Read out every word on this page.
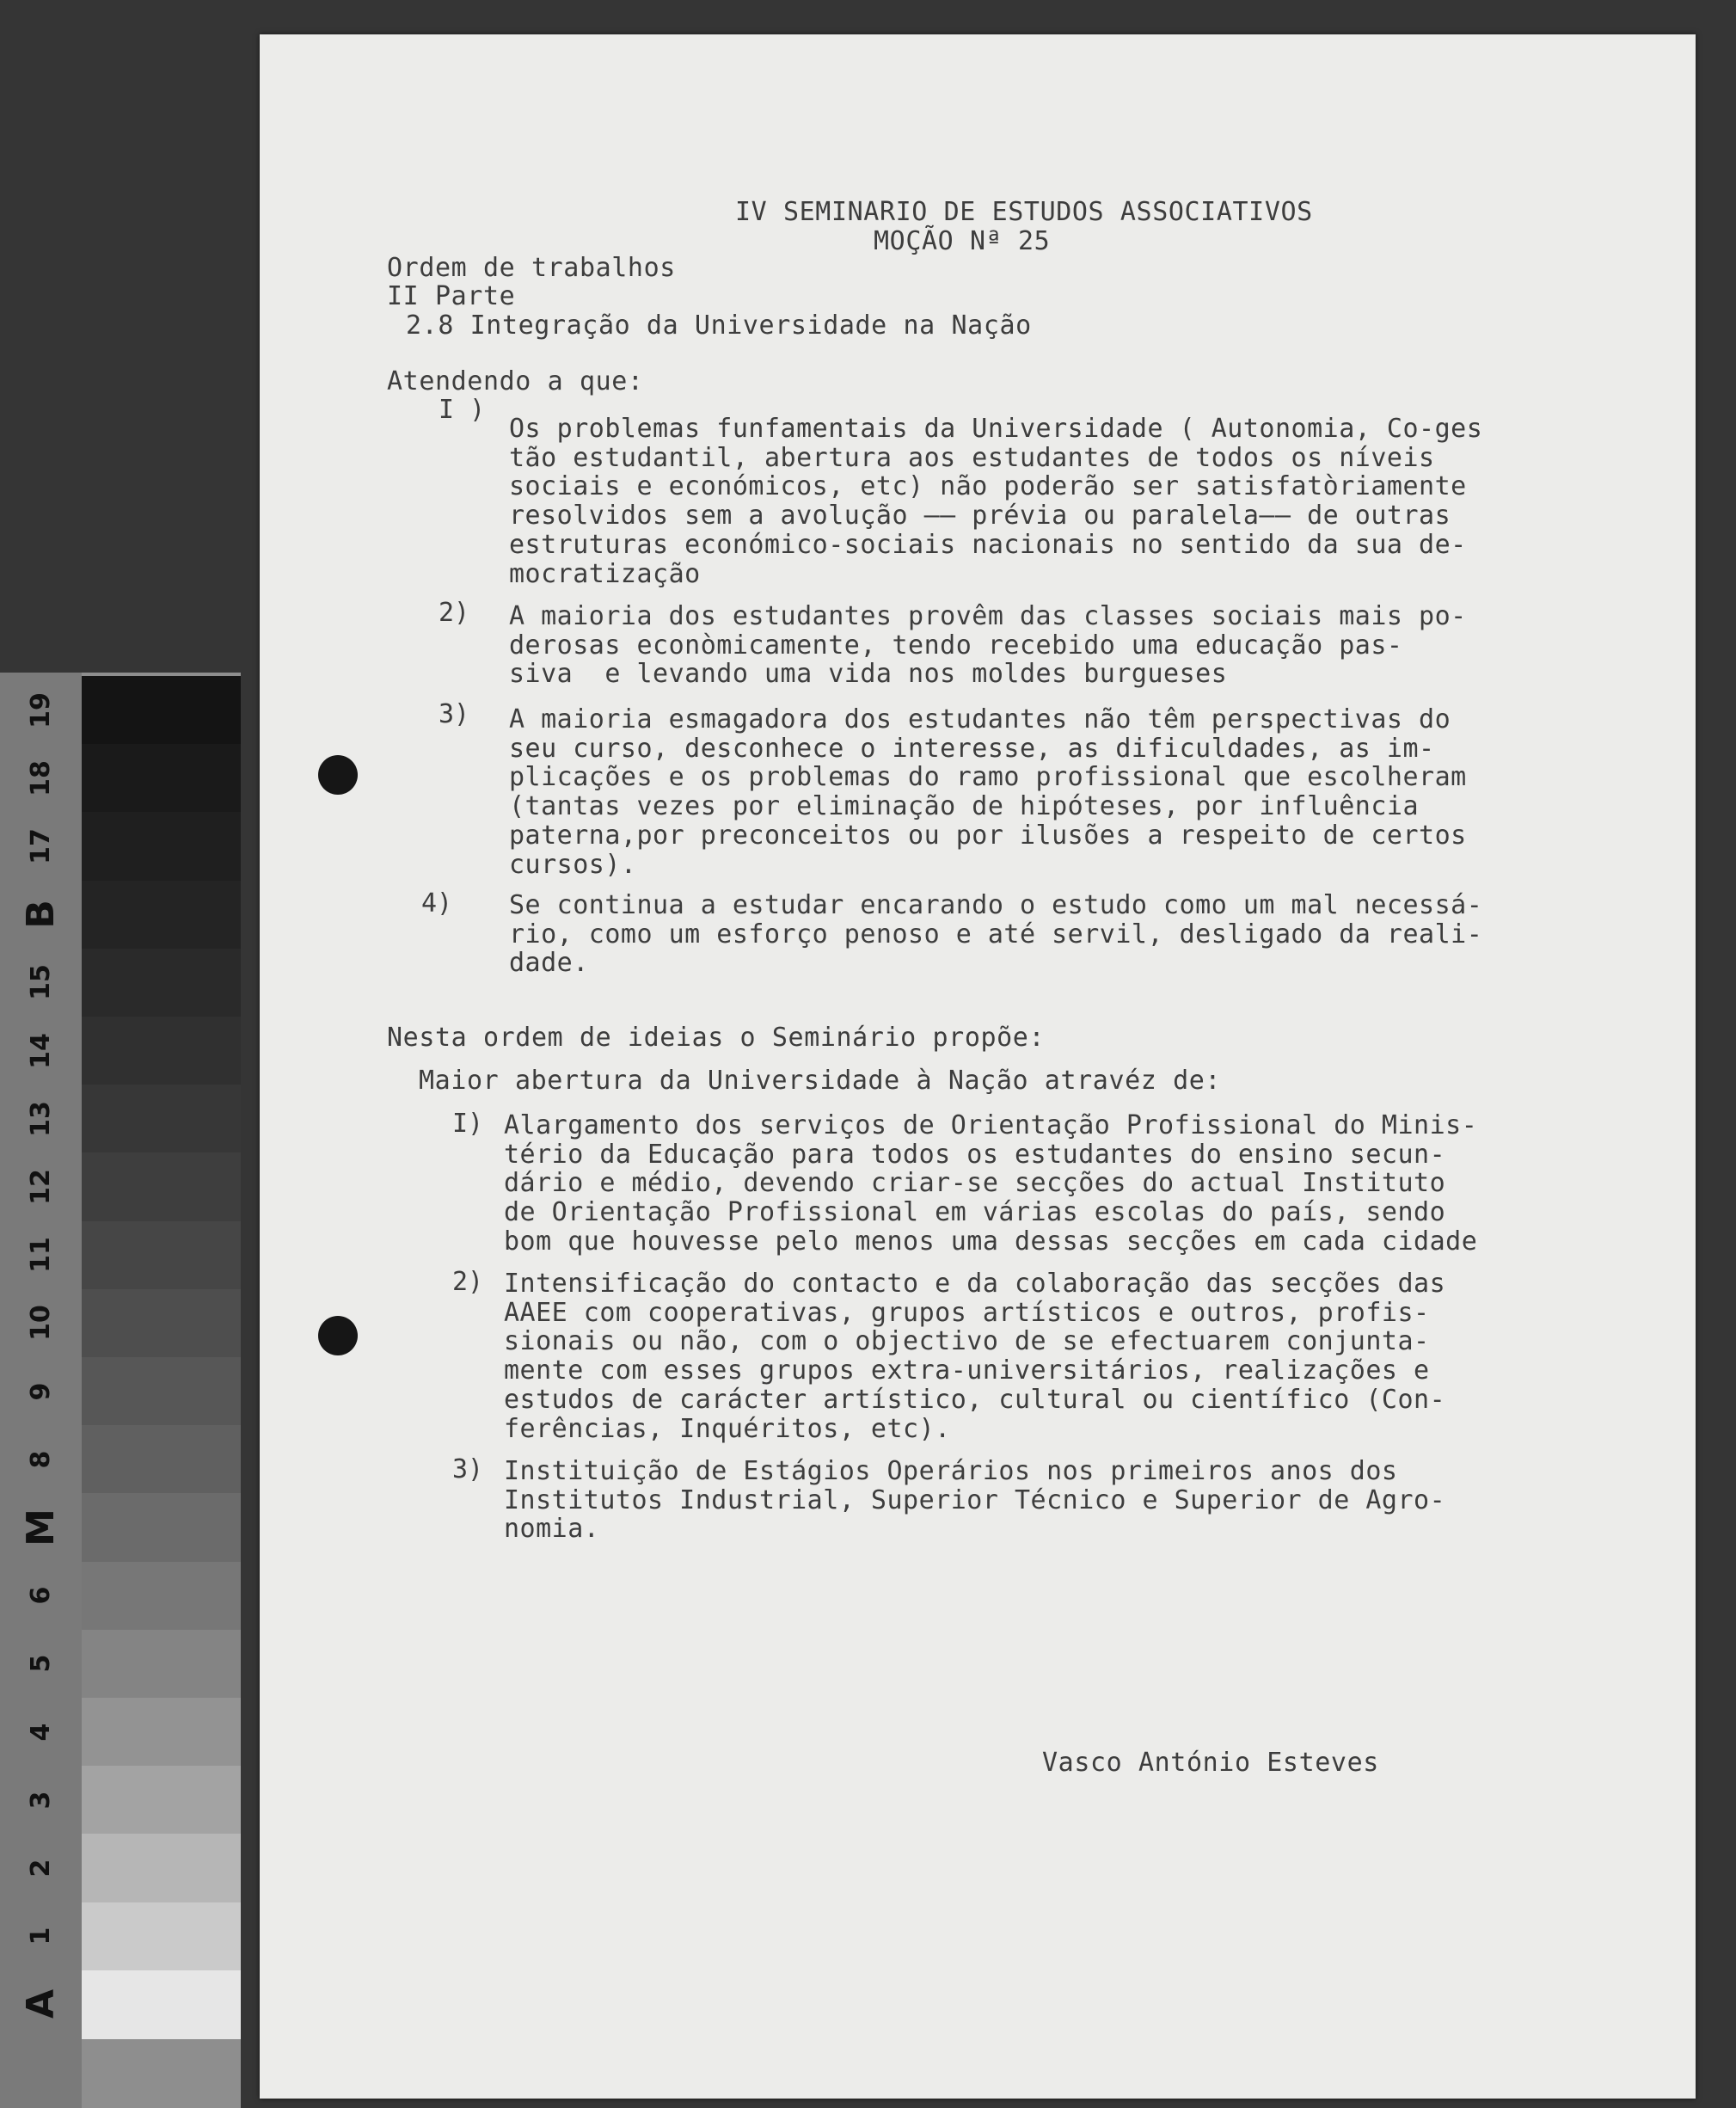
19
18
17
B
15
14
13
12
11
10
9
8
M
6
5
4
3
2
1
A
IV SEMINARIO DE ESTUDOS ASSOCIATIVOS
MOÇÃO Nª 25
Ordem de trabalhos
II Parte
2.8 Integração da Universidade na Nação
Atendendo a que:
I )
Os problemas funfamentais da Universidade ( Autonomia, Co-ges
tão estudantil, abertura aos estudantes de todos os níveis
sociais e económicos, etc) não poderão ser satisfatòriamente
resolvidos sem a avolução —— prévia ou paralela—— de outras
estruturas económico-sociais nacionais no sentido da sua de-
mocratização
2) A maioria dos estudantes provêm das classes sociais mais po-
derosas econòmicamente, tendo recebido uma educação pas-
siva  e levando uma vida nos moldes burgueses
3) A maioria esmagadora dos estudantes não têm perspectivas do
seu curso, desconhece o interesse, as dificuldades, as im-
plicações e os problemas do ramo profissional que escolheram
(tantas vezes por eliminação de hipóteses, por influência
paterna,por preconceitos ou por ilusões a respeito de certos
cursos).
4) Se continua a estudar encarando o estudo como um mal necessá-
rio, como um esforço penoso e até servil, desligado da reali-
dade.
Nesta ordem de ideias o Seminário propõe:
Maior abertura da Universidade à Nação atravéz de:
I) Alargamento dos serviços de Orientação Profissional do Minis-
tério da Educação para todos os estudantes do ensino secun-
dário e médio, devendo criar-se secções do actual Instituto
de Orientação Profissional em várias escolas do país, sendo
bom que houvesse pelo menos uma dessas secções em cada cidade
2) Intensificação do contacto e da colaboração das secções das
AAEE com cooperativas, grupos artísticos e outros, profis-
sionais ou não, com o objectivo de se efectuarem conjunta-
mente com esses grupos extra-universitários, realizações e
estudos de carácter artístico, cultural ou científico (Con-
ferências, Inquéritos, etc).
3) Instituição de Estágios Operários nos primeiros anos dos
Institutos Industrial, Superior Técnico e Superior de Agro-
nomia.
Vasco António Esteves
